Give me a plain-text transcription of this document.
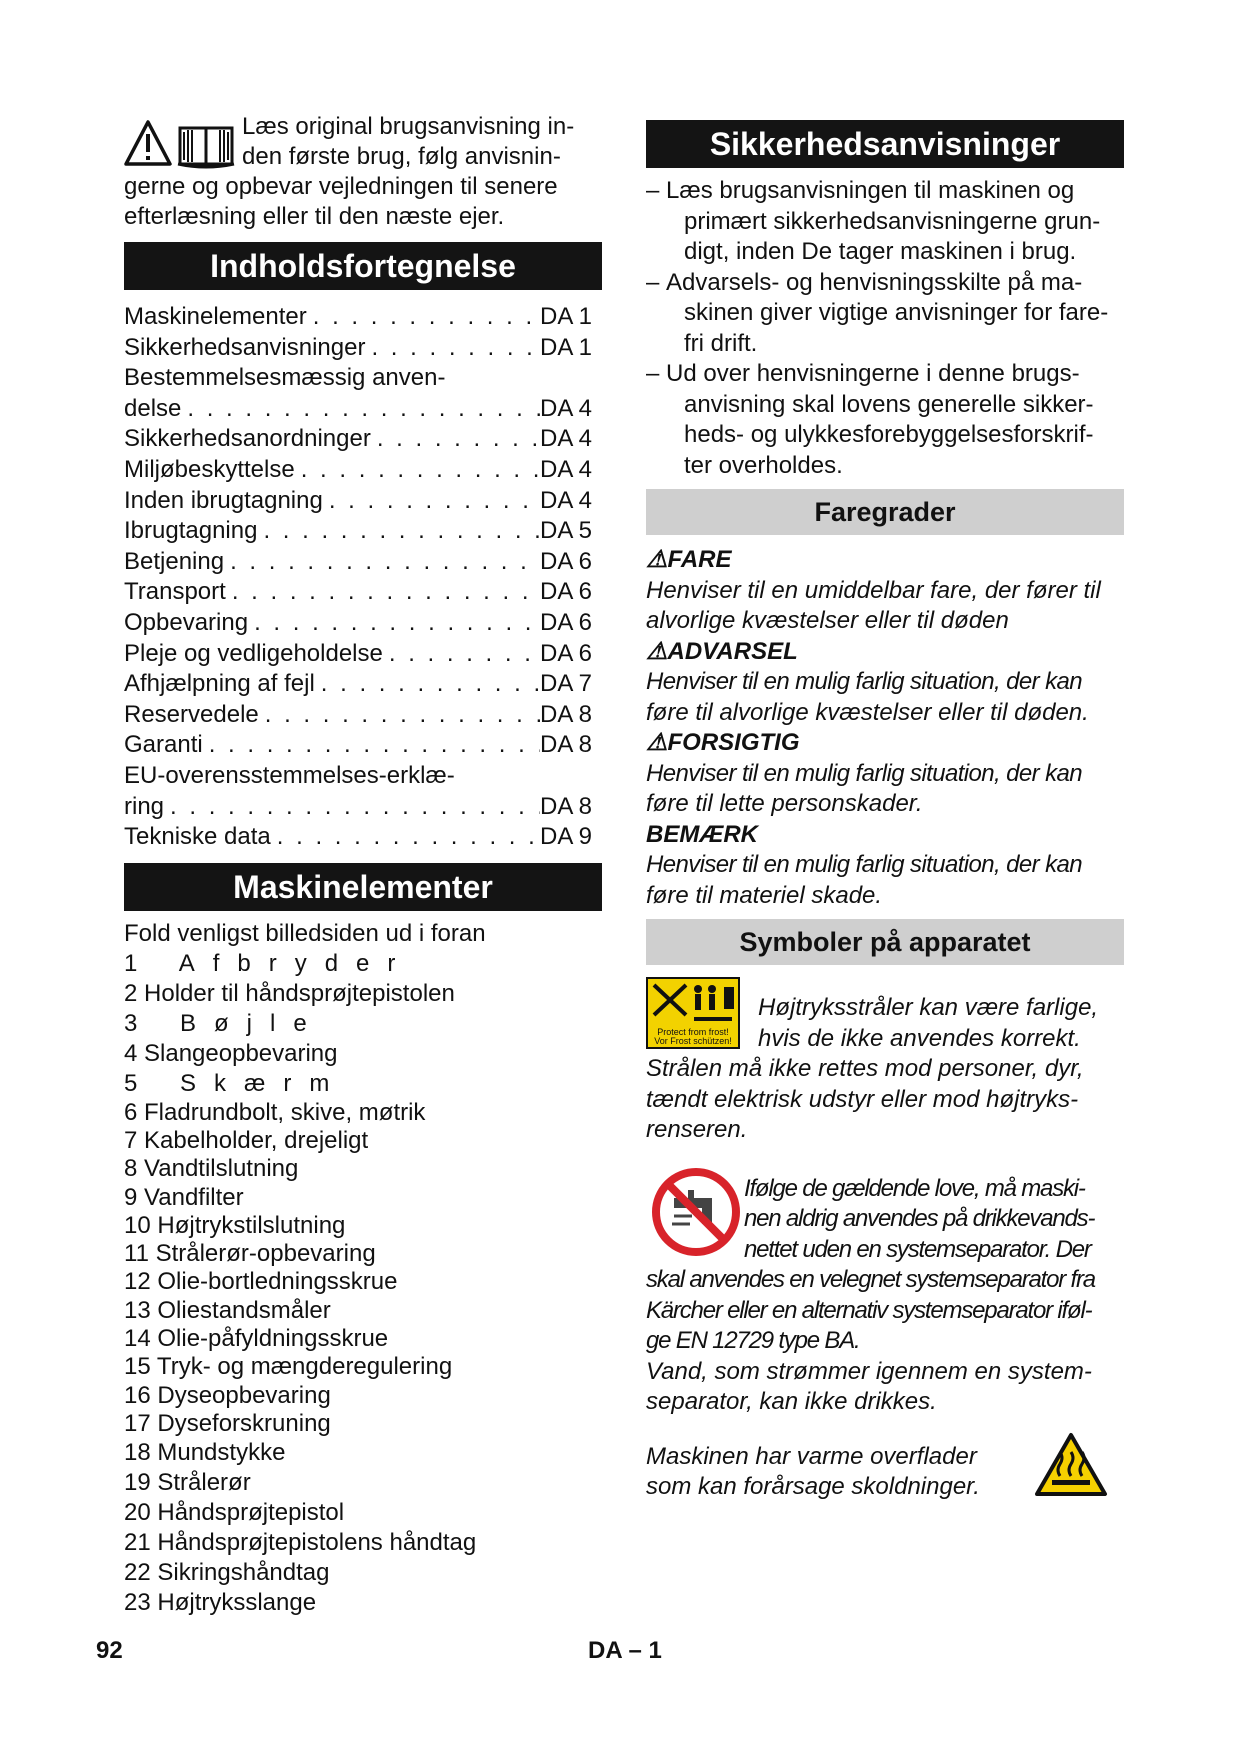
Læs original brugsanvisning in-

den første brug, følg anvisnin-

gerne og opbevar vejledningen til senere

efterlæsning eller til den næste ejer.

Indholdsfortegnelse
Maskinelementer . . .	DA 1
Sikkerhedsanvisninger . . .	DA 1
Bestemmelsesmæssig anven-
delse . . .	DA 4
Sikkerhedsanordninger . . .	DA 4
Miljøbeskyttelse . . .	DA 4
Inden ibrugtagning . . .	DA 4
Ibrugtagning . . .	DA 5
Betjening . . .	DA 6
Transport . . .	DA 6
Opbevaring . . .	DA 6
Pleje og vedligeholdelse . . .	DA 6
Afhjælpning af fejl . . .	DA 7
Reservedele . . .	DA 8
Garanti . . .	DA 8
EU-overensstemmelses-erklæ-
ring . . .	DA 8
Tekniske data . . .	DA 9
Maskinelementer
Fold venligst billedsiden ud i foran
1 Afbryder
2 Holder til håndsprøjtepistolen
3 Bøjle
4 Slangeopbevaring
5 Skærm
6 Fladrundbolt, skive, møtrik
7 Kabelholder, drejeligt
8 Vandtilslutning
9 Vandfilter
10 Højtrykstilslutning
11 Strålerør-opbevaring
12 Olie-bortledningsskrue
13 Oliestandsmåler
14 Olie-påfyldningsskrue
15 Tryk- og mængderegulering
16 Dyseopbevaring
17 Dyseforskruning
18 Mundstykke
19 Strålerør
20 Håndsprøjtepistol
21 Håndsprøjtepistolens håndtag
22 Sikringshåndtag
23 Højtryksslange
Sikkerhedsanvisninger
– Læs brugsanvisningen til maskinen og
primært sikkerhedsanvisningerne grun-
digt, inden De tager maskinen i brug.
– Advarsels- og henvisningsskilte på ma-
skinen giver vigtige anvisninger for fare-
fri drift.
– Ud over henvisningerne i denne brugs-
anvisning skal lovens generelle sikker-
heds- og ulykkesforebyggelsesforskrif-
ter overholdes.
Faregrader
⚠FARE
Henviser til en umiddelbar fare, der fører til
alvorlige kvæstelser eller til døden
⚠ADVARSEL
Henviser til en mulig farlig situation, der kan
føre til alvorlige kvæstelser eller til døden.
⚠FORSIGTIG
Henviser til en mulig farlig situation, der kan
føre til lette personskader.
BEMÆRK
Henviser til en mulig farlig situation, der kan
føre til materiel skade.
Symboler på apparatet
Protect from frost!
Vor Frost schützen!
Højtryksstråler kan være farlige,
hvis de ikke anvendes korrekt.
Strålen må ikke rettes mod personer, dyr,
tændt elektrisk udstyr eller mod højtryks-
renseren.
Ifølge de gældende love, må maski-
nen aldrig anvendes på drikkevands-
nettet uden en systemseparator. Der
skal anvendes en velegnet systemseparator fra
Kärcher eller en alternativ systemseparator iføl-
ge EN 12729 type BA.
Vand, som strømmer igennem en system-
separator, kan ikke drikkes.
Maskinen har varme overflader
som kan forårsage skoldninger.
92	DA – 1
